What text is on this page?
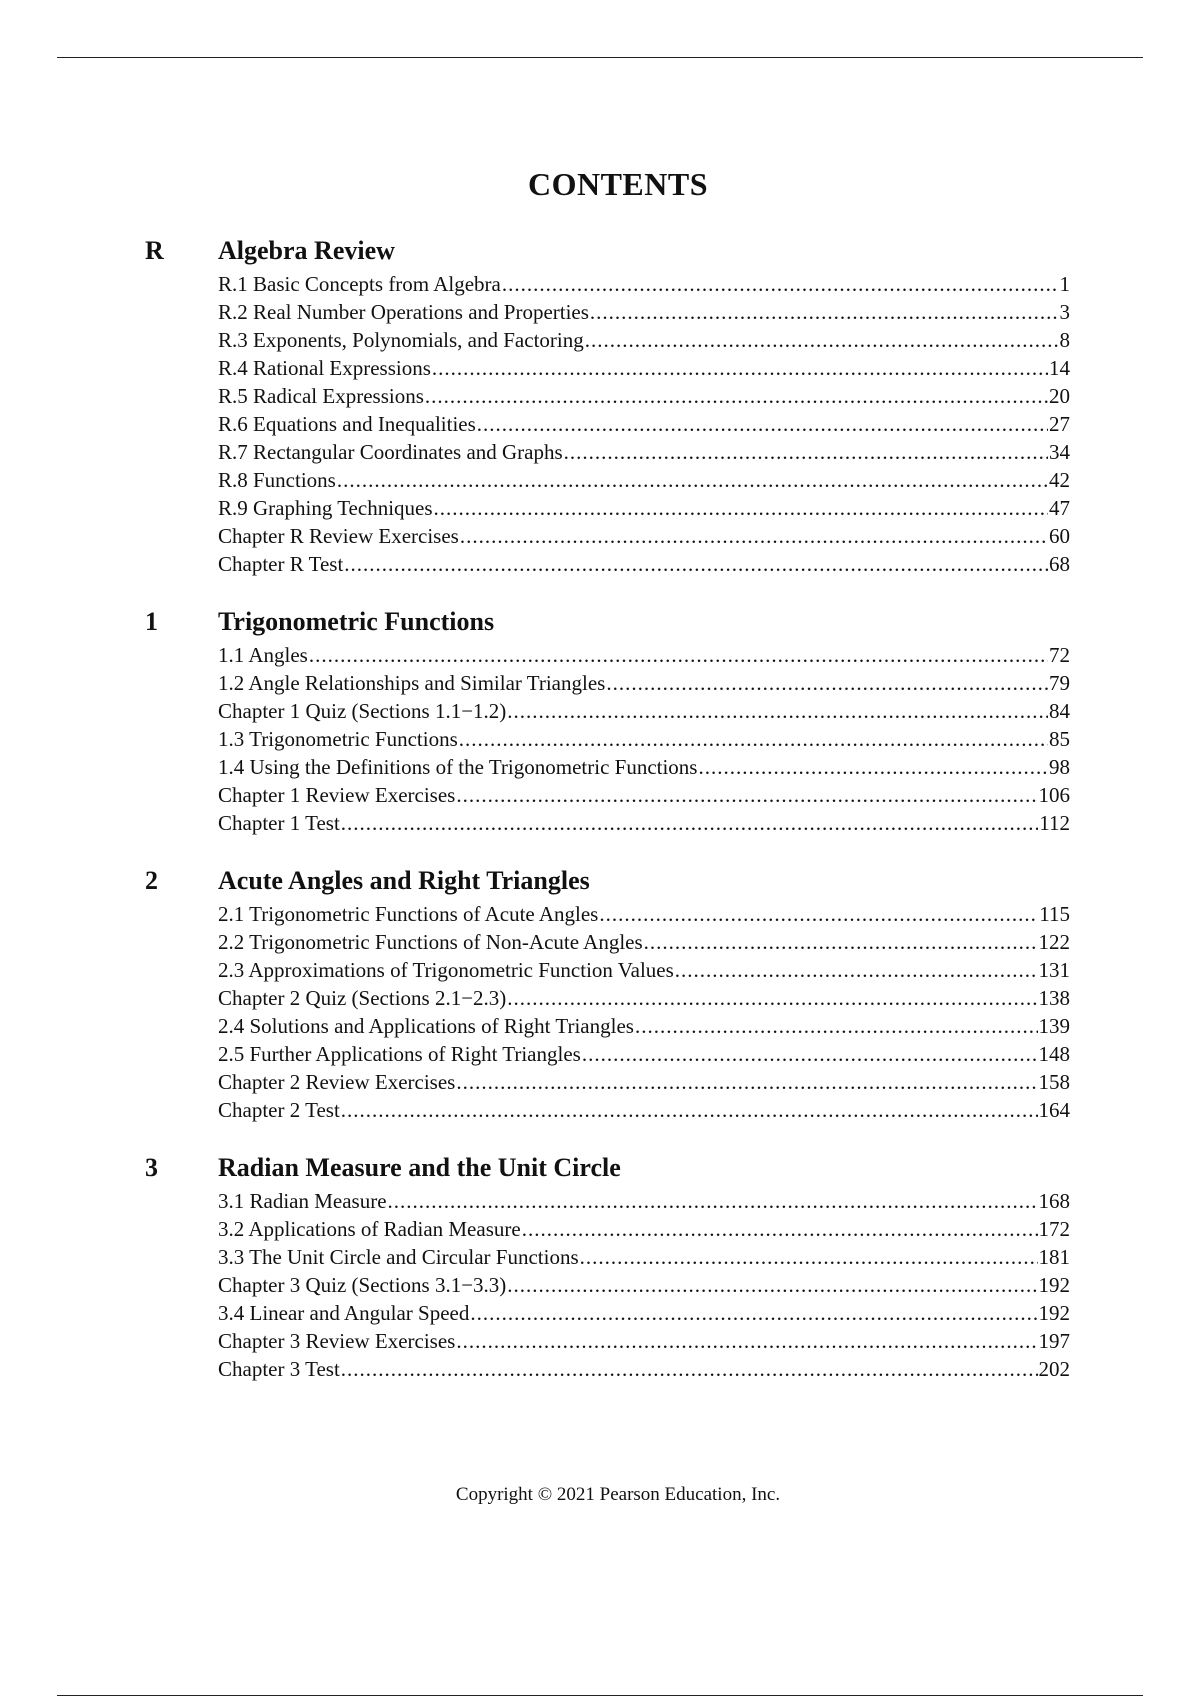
CONTENTS
R	Algebra Review
R.1 Basic Concepts from Algebra .....	1
R.2 Real Number Operations and Properties .....	3
R.3 Exponents, Polynomials, and Factoring .....	8
R.4 Rational Expressions .....	14
R.5 Radical Expressions .....	20
R.6 Equations and Inequalities .....	27
R.7 Rectangular Coordinates and Graphs .....	34
R.8 Functions .....	42
R.9 Graphing Techniques .....	47
Chapter R Review Exercises .....	60
Chapter R Test .....	68
1	Trigonometric Functions
1.1 Angles .....	72
1.2 Angle Relationships and Similar Triangles .....	79
Chapter 1 Quiz (Sections 1.1−1.2) .....	84
1.3 Trigonometric Functions .....	85
1.4 Using the Definitions of the Trigonometric Functions .....	98
Chapter 1 Review Exercises .....	106
Chapter 1 Test .....	112
2	Acute Angles and Right Triangles
2.1 Trigonometric Functions of Acute Angles .....	115
2.2 Trigonometric Functions of Non-Acute Angles .....	122
2.3 Approximations of Trigonometric Function Values .....	131
Chapter 2 Quiz (Sections 2.1−2.3) .....	138
2.4 Solutions and Applications of Right Triangles .....	139
2.5 Further Applications of Right Triangles .....	148
Chapter 2 Review Exercises .....	158
Chapter 2 Test .....	164
3	Radian Measure and the Unit Circle
3.1 Radian Measure .....	168
3.2 Applications of Radian Measure .....	172
3.3 The Unit Circle and Circular Functions .....	181
Chapter 3 Quiz (Sections 3.1−3.3) .....	192
3.4 Linear and Angular Speed .....	192
Chapter 3 Review Exercises .....	197
Chapter 3 Test .....	202
Copyright © 2021 Pearson Education, Inc.
